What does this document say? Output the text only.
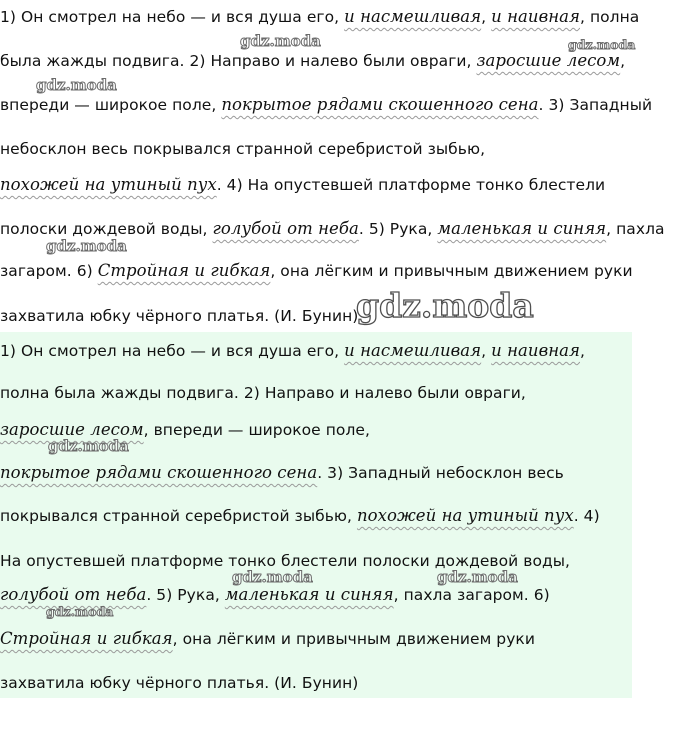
1) Он смотрел на небо — и вся душа его, и насмешливая, и наивная, полна
была жажды подвига. 2) Направо и налево были овраги, заросшие лесом,
впереди — широкое поле, покрытое рядами скошенного сена. 3) Западный
небосклон весь покрывался странной серебристой зыбью,
похожей на утиный пух. 4) На опустевшей платформе тонко блестели
полоски дождевой воды, голубой от неба. 5) Рука, маленькая и синяя, пахла
загаром. 6) Стройная и гибкая, она лёгким и привычным движением руки
захватила юбку чёрного платья. (И. Бунин)
1) Он смотрел на небо — и вся душа его, и насмешливая, и наивная,
полна была жажды подвига. 2) Направо и налево были овраги,
заросшие лесом, впереди — широкое поле,
покрытое рядами скошенного сена. 3) Западный небосклон весь
покрывался странной серебристой зыбью, похожей на утиный пух. 4)
На опустевшей платформе тонко блестели полоски дождевой воды,
голубой от неба. 5) Рука, маленькая и синяя, пахла загаром. 6)
Стройная и гибкая, она лёгким и привычным движением руки
захватила юбку чёрного платья. (И. Бунин)
gdz.moda	gdz.moda
gdz.moda
gdz.moda
gdz.moda
gdz.moda
gdz.moda	gdz.moda
gdz.moda
